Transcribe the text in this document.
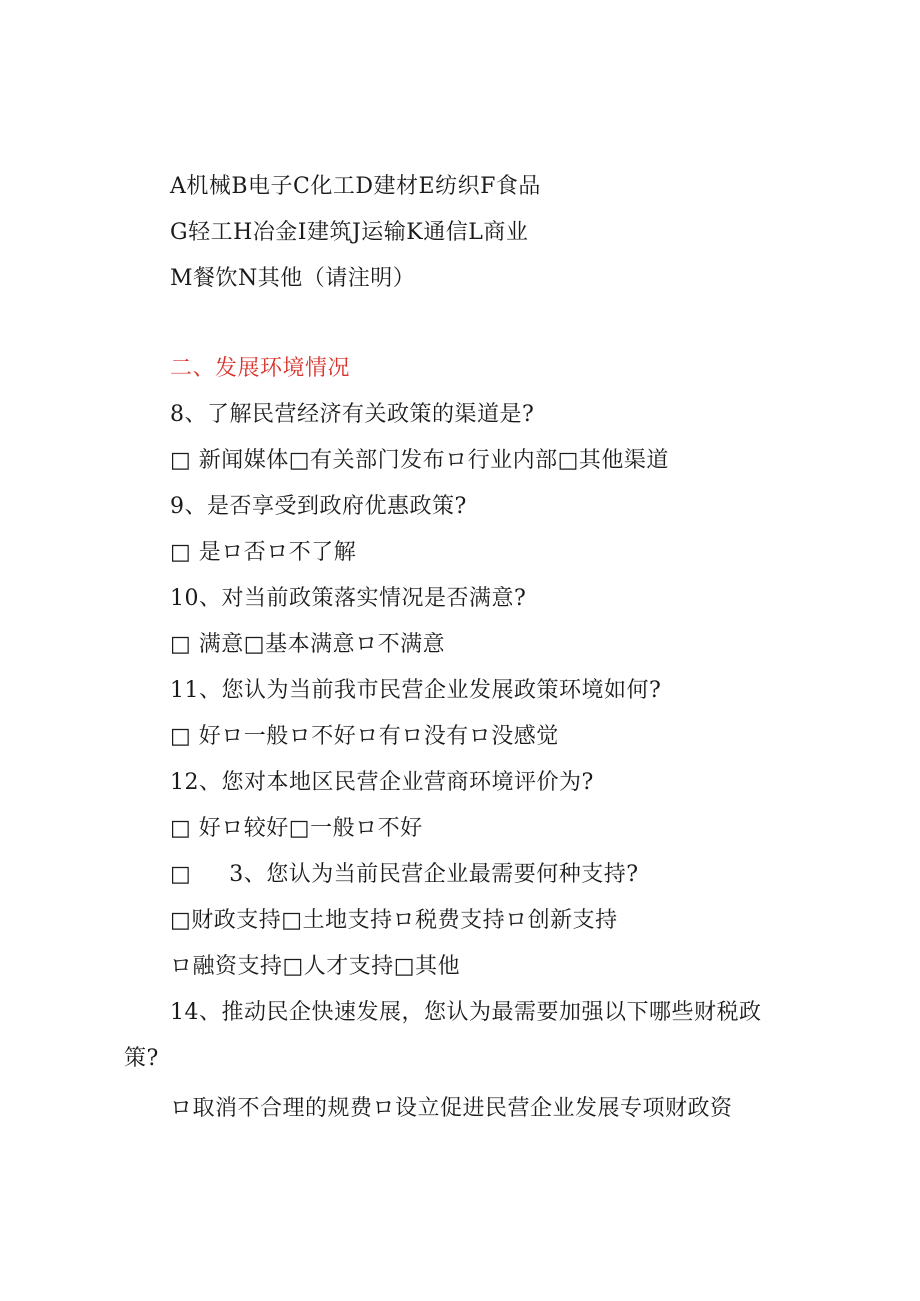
A机械B电子C化工D建材E纺织F食品
G轻工H冶金I建筑J运输K通信L商业
M餐饮N其他（请注明）
二、发展环境情况
8、了解民营经济有关政策的渠道是?
□ 新闻媒体□有关部门发布ロ行业内部□其他渠道
9、是否享受到政府优惠政策?
□ 是ロ否ロ不了解
10、对当前政策落实情况是否满意?
□ 满意□基本满意ロ不满意
11、您认为当前我市民营企业发展政策环境如何?
□ 好ロ一般ロ不好ロ有ロ没有ロ没感觉
12、您对本地区民营企业营商环境评价为?
□ 好ロ较好□一般ロ不好
□ 3、您认为当前民营企业最需要何种支持?
□财政支持□土地支持ロ税费支持ロ创新支持
ロ融资支持□人才支持□其他
14、推动民企快速发展，您认为最需要加强以下哪些财税政
策?
ロ取消不合理的规费ロ设立促进民营企业发展专项财政资
